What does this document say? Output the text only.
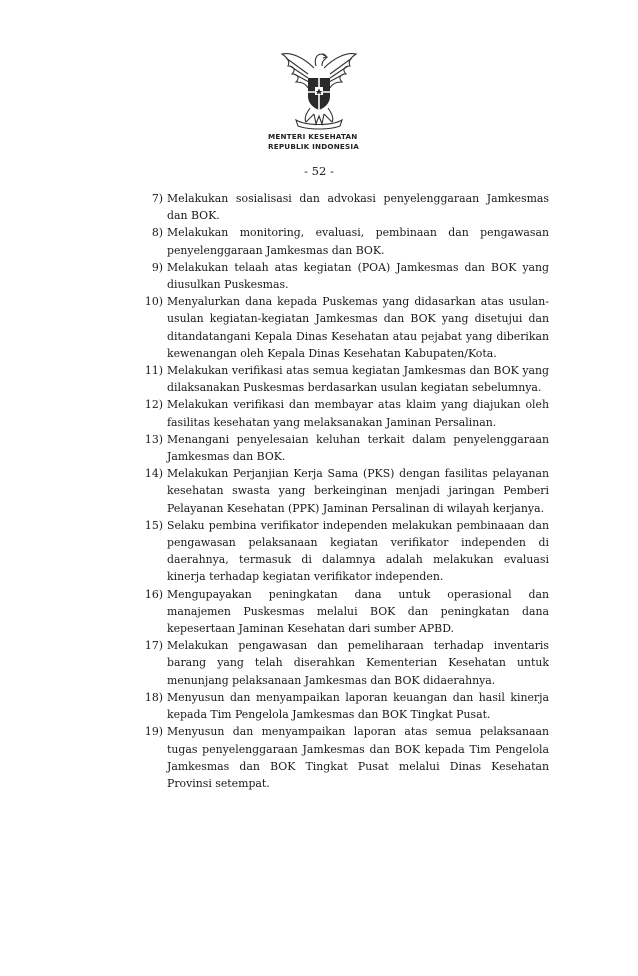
MENTERI KESEHATAN
REPUBLIK INDONESIA
- 52 -
7) Melakukan sosialisasi dan advokasi penyelenggaraan Jamkesmas dan BOK.
8) Melakukan monitoring, evaluasi, pembinaan dan pengawasan penyelenggaraan Jamkesmas dan BOK.
9) Melakukan telaah atas kegiatan (POA) Jamkesmas dan BOK yang diusulkan Puskesmas.
10) Menyalurkan dana kepada Puskemas yang didasarkan atas usulan-usulan kegiatan-kegiatan Jamkesmas dan BOK yang disetujui dan ditandatangani Kepala Dinas Kesehatan atau pejabat yang diberikan kewenangan oleh Kepala Dinas Kesehatan Kabupaten/Kota.
11) Melakukan verifikasi atas semua kegiatan Jamkesmas dan BOK yang dilaksanakan Puskesmas berdasarkan usulan kegiatan sebelumnya.
12) Melakukan verifikasi dan membayar atas klaim yang diajukan oleh fasilitas kesehatan yang melaksanakan Jaminan Persalinan.
13) Menangani penyelesaian keluhan terkait dalam penyelenggaraan Jamkesmas dan BOK.
14) Melakukan Perjanjian Kerja Sama (PKS) dengan fasilitas pelayanan kesehatan swasta yang berkeinginan menjadi jaringan Pemberi Pelayanan Kesehatan (PPK) Jaminan Persalinan di wilayah kerjanya.
15) Selaku pembina verifikator independen melakukan pembinaaan dan pengawasan pelaksanaan kegiatan verifikator independen di daerahnya, termasuk di dalamnya adalah melakukan evaluasi kinerja terhadap kegiatan verifikator independen.
16) Mengupayakan peningkatan dana untuk operasional dan manajemen Puskesmas melalui BOK dan peningkatan dana kepesertaan Jaminan Kesehatan dari sumber APBD.
17) Melakukan pengawasan dan pemeliharaan terhadap inventaris barang yang telah diserahkan Kementerian Kesehatan untuk menunjang pelaksanaan Jamkesmas dan BOK didaerahnya.
18) Menyusun dan menyampaikan laporan keuangan dan hasil kinerja kepada Tim Pengelola Jamkesmas dan BOK Tingkat Pusat.
19) Menyusun dan menyampaikan laporan atas semua pelaksanaan tugas penyelenggaraan Jamkesmas dan BOK kepada Tim Pengelola Jamkesmas dan BOK Tingkat Pusat melalui Dinas Kesehatan Provinsi setempat.
